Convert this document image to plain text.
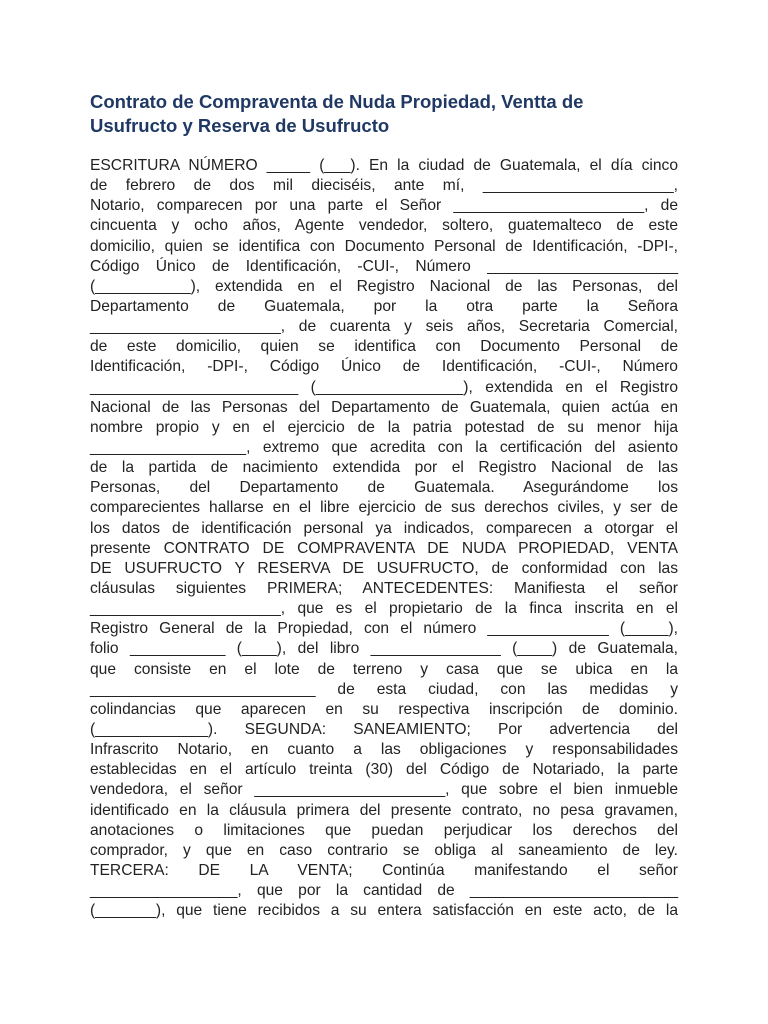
Contrato de Compraventa de Nuda Propiedad, Ventta de Usufructo y Reserva de Usufructo
ESCRITURA NÚMERO _____ (___). En la ciudad de Guatemala, el día cinco
de febrero de dos mil dieciséis, ante mí, ______________________,
Notario, comparecen por una parte el Señor ______________________, de
cincuenta y ocho años, Agente vendedor, soltero, guatemalteco de este
domicilio, quien se identifica con Documento Personal de Identificación, -DPI-,
Código Único de Identificación, -CUI-, Número ______________________
(___________), extendida en el Registro Nacional de las Personas, del
Departamento de Guatemala, por la otra parte la Señora
______________________, de cuarenta y seis años, Secretaria Comercial,
de este domicilio, quien se identifica con Documento Personal de
Identificación, -DPI-, Código Único de Identificación, -CUI-, Número
________________________ (_________________), extendida en el Registro
Nacional de las Personas del Departamento de Guatemala, quien actúa en
nombre propio y en el ejercicio de la patria potestad de su menor hija
__________________, extremo que acredita con la certificación del asiento
de la partida de nacimiento extendida por el Registro Nacional de las
Personas, del Departamento de Guatemala. Asegurándome los
comparecientes hallarse en el libre ejercicio de sus derechos civiles, y ser de
los datos de identificación personal ya indicados, comparecen a otorgar el
presente CONTRATO DE COMPRAVENTA DE NUDA PROPIEDAD, VENTA
DE USUFRUCTO Y RESERVA DE USUFRUCTO, de conformidad con las
cláusulas siguientes PRIMERA; ANTECEDENTES: Manifiesta el señor
______________________, que es el propietario de la finca inscrita en el
Registro General de la Propiedad, con el número ______________ (_____),
folio ___________ (____), del libro _______________ (____) de Guatemala,
que consiste en el lote de terreno y casa que se ubica en la
__________________________ de esta ciudad, con las medidas y
colindancias que aparecen en su respectiva inscripción de dominio.
(_____________). SEGUNDA: SANEAMIENTO; Por advertencia del
Infrascrito Notario, en cuanto a las obligaciones y responsabilidades
establecidas en el artículo treinta (30) del Código de Notariado, la parte
vendedora, el señor ______________________, que sobre el bien inmueble
identificado en la cláusula primera del presente contrato, no pesa gravamen,
anotaciones o limitaciones que puedan perjudicar los derechos del
comprador, y que en caso contrario se obliga al saneamiento de ley.
TERCERA: DE LA VENTA; Continúa manifestando el señor
_________________, que por la cantidad de ________________________
(_______), que tiene recibidos a su entera satisfacción en este acto, de la
